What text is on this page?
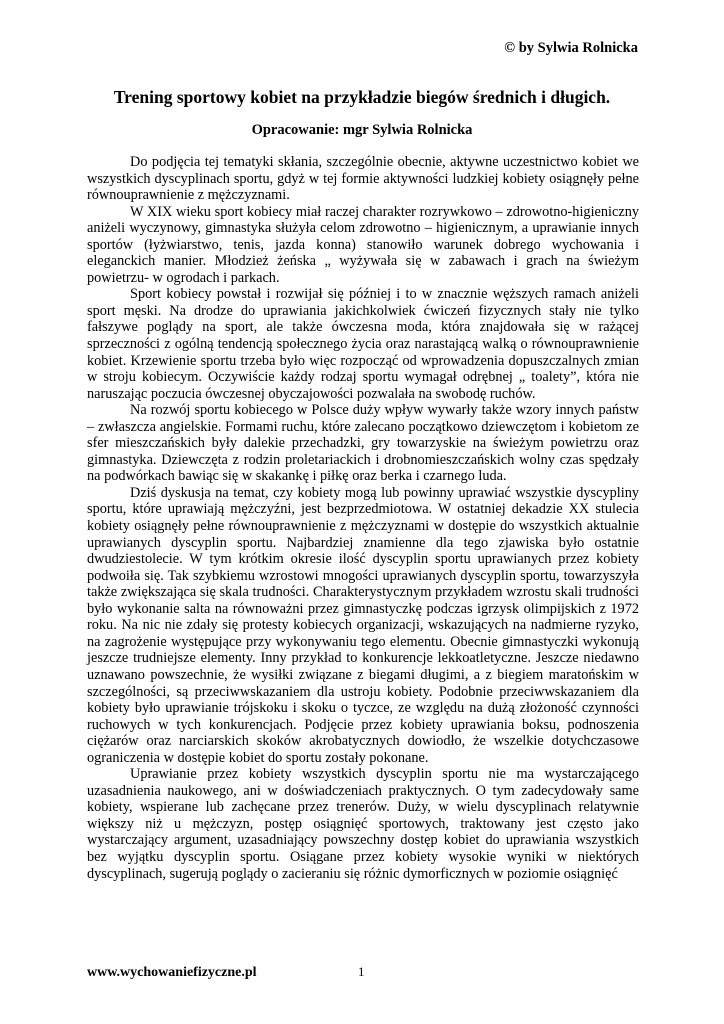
© by Sylwia Rolnicka
Trening sportowy kobiet na przykładzie biegów średnich i długich.
Opracowanie: mgr Sylwia Rolnicka

Do podjęcia tej tematyki skłania, szczególnie obecnie, aktywne uczestnictwo kobiet we wszystkich dyscyplinach sportu, gdyż w tej formie aktywności ludzkiej kobiety osiągnęły pełne równouprawnienie z mężczyznami.

W XIX wieku sport kobiecy miał raczej charakter rozrywkowo – zdrowotno-higieniczny aniżeli wyczynowy, gimnastyka służyła celom zdrowotno – higienicznym, a uprawianie innych sportów (łyżwiarstwo, tenis, jazda konna) stanowiło warunek dobrego wychowania i eleganckich manier. Młodzież żeńska „ wyżywała się w zabawach i grach na świeżym powietrzu- w ogrodach i parkach.

Sport kobiecy powstał i rozwijał się później i to w znacznie węższych ramach aniżeli sport męski. Na drodze do uprawiania jakichkolwiek ćwiczeń fizycznych stały nie tylko fałszywe poglądy na sport, ale także ówczesna moda, która znajdowała się w rażącej sprzeczności z ogólną tendencją społecznego życia oraz narastającą walką o równouprawnienie kobiet. Krzewienie sportu trzeba było więc rozpocząć od wprowadzenia dopuszczalnych zmian w stroju kobiecym. Oczywiście każdy rodzaj sportu wymagał odrębnej „ toalety”, która nie naruszając poczucia ówczesnej obyczajowości pozwalała na swobodę ruchów.

Na rozwój sportu kobiecego w Polsce duży wpływ wywarły także wzory innych państw – zwłaszcza angielskie. Formami ruchu, które zalecano początkowo dziewczętom i kobietom ze sfer mieszczańskich były dalekie przechadzki, gry towarzyskie na świeżym powietrzu oraz gimnastyka. Dziewczęta z rodzin proletariackich i drobnomieszczańskich wolny czas spędzały na podwórkach bawiąc się w skakankę i piłkę oraz berka i czarnego luda.

Dziś dyskusja na temat, czy kobiety mogą lub powinny uprawiać wszystkie dyscypliny sportu, które uprawiają mężczyźni, jest bezprzedmiotowa. W ostatniej dekadzie XX stulecia kobiety osiągnęły pełne równouprawnienie z mężczyznami w dostępie do wszystkich aktualnie uprawianych dyscyplin sportu. Najbardziej znamienne dla tego zjawiska było ostatnie dwudziestolecie. W tym krótkim okresie ilość dyscyplin sportu uprawianych przez kobiety podwoiła się. Tak szybkiemu wzrostowi mnogości uprawianych dyscyplin sportu, towarzyszyła także zwiększająca się skala trudności. Charakterystycznym przykładem wzrostu skali trudności było wykonanie salta na równoważni przez gimnastyczkę podczas igrzysk olimpijskich z 1972 roku. Na nic nie zdały się protesty kobiecych organizacji, wskazujących na nadmierne ryzyko, na zagrożenie występujące przy wykonywaniu tego elementu. Obecnie gimnastyczki wykonują jeszcze trudniejsze elementy. Inny przykład to konkurencje lekkoatletyczne. Jeszcze niedawno uznawano powszechnie, że wysiłki związane z biegami długimi, a z biegiem maratońskim w szczególności, są przeciwwskazaniem dla ustroju kobiety. Podobnie przeciwwskazaniem dla kobiety było uprawianie trójskoku i skoku o tyczce, ze względu na dużą złożoność czynności ruchowych w tych konkurencjach. Podjęcie przez kobiety uprawiania boksu, podnoszenia ciężarów oraz narciarskich skoków akrobatycznych dowiodło, że wszelkie dotychczasowe ograniczenia w dostępie kobiet do sportu zostały pokonane.

Uprawianie przez kobiety wszystkich dyscyplin sportu nie ma wystarczającego uzasadnienia naukowego, ani w doświadczeniach praktycznych. O tym zadecydowały same kobiety, wspierane lub zachęcane przez trenerów. Duży, w wielu dyscyplinach relatywnie większy niż u mężczyzn, postęp osiągnięć sportowych, traktowany jest często jako wystarczający argument, uzasadniający powszechny dostęp kobiet do uprawiania wszystkich bez wyjątku dyscyplin sportu. Osiągane przez kobiety wysokie wyniki w niektórych dyscyplinach, sugerują poglądy o zacieraniu się różnic dymorficznych w poziomie osiągnięć

www.wychowaniefizyczne.pl	1
